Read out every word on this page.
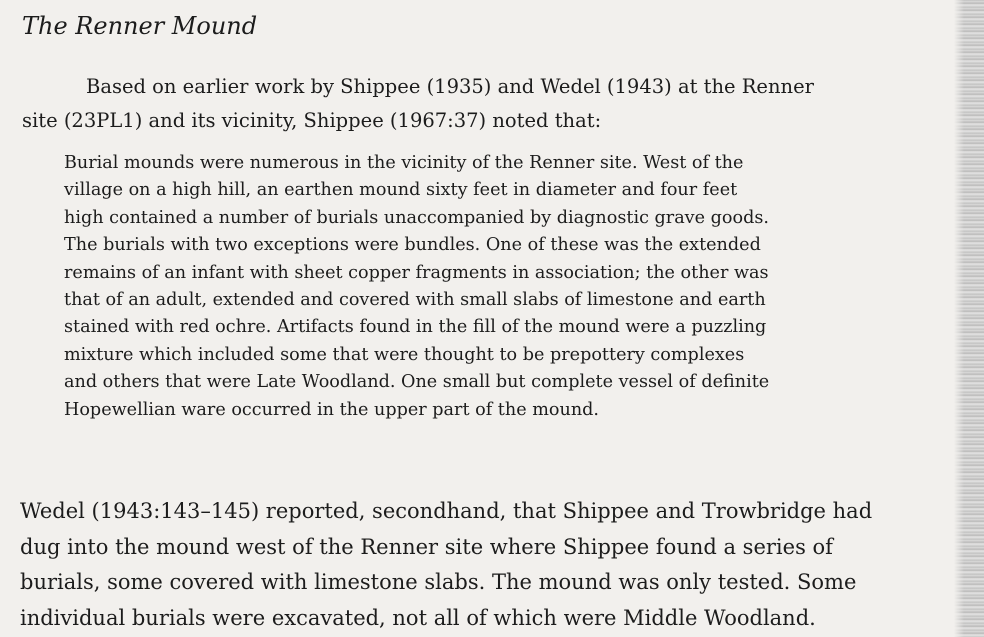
The Renner Mound
Based on earlier work by Shippee (1935) and Wedel (1943) at the Renner
site (23PL1) and its vicinity, Shippee (1967:37) noted that:
Burial mounds were numerous in the vicinity of the Renner site. West of the
village on a high hill, an earthen mound sixty feet in diameter and four feet
high contained a number of burials unaccompanied by diagnostic grave goods.
The burials with two exceptions were bundles. One of these was the extended
remains of an infant with sheet copper fragments in association; the other was
that of an adult, extended and covered with small slabs of limestone and earth
stained with red ochre. Artifacts found in the fill of the mound were a puzzling
mixture which included some that were thought to be prepottery complexes
and others that were Late Woodland. One small but complete vessel of definite
Hopewellian ware occurred in the upper part of the mound.
Wedel (1943:143–145) reported, secondhand, that Shippee and Trowbridge had
dug into the mound west of the Renner site where Shippee found a series of
burials, some covered with limestone slabs. The mound was only tested. Some
individual burials were excavated, not all of which were Middle Woodland.
